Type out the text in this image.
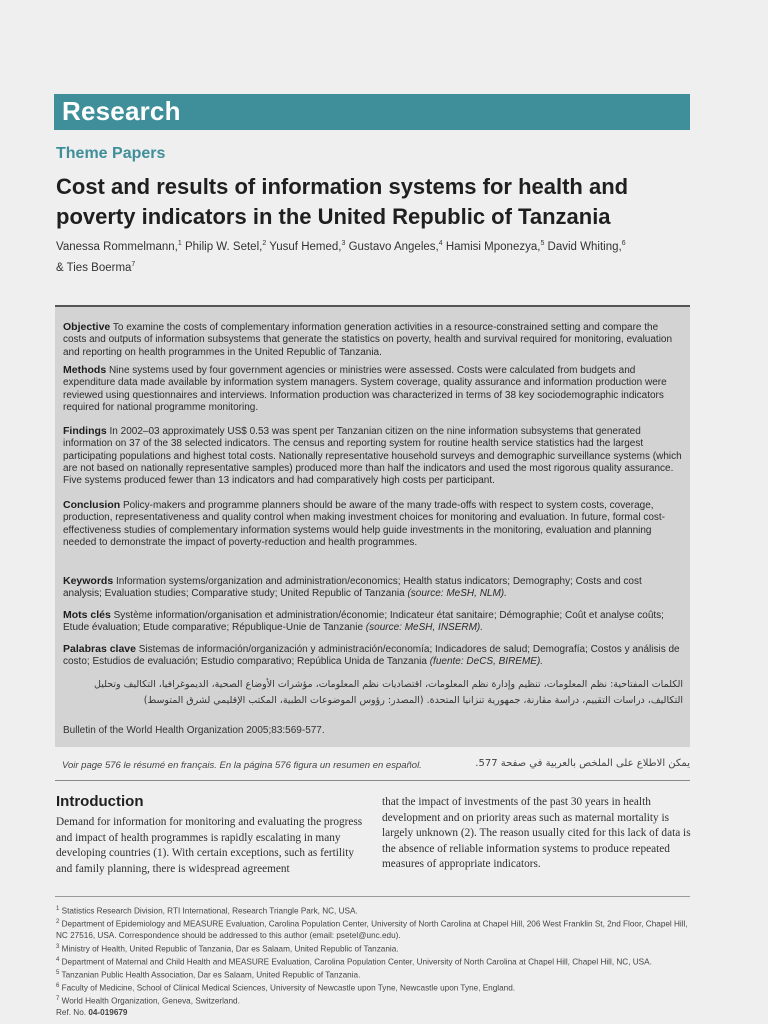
Research
Theme Papers
Cost and results of information systems for health and poverty indicators in the United Republic of Tanzania
Vanessa Rommelmann,$^1$ Philip W. Setel,$^2$ Yusuf Hemed,$^3$ Gustavo Angeles,$^4$ Hamisi Mponezya,$^5$ David Whiting,$^6$
& Ties Boerma$^7$
Objective To examine the costs of complementary information generation activities in a resource-constrained setting and compare the costs and outputs of information subsystems that generate the statistics on poverty, health and survival required for monitoring, evaluation and reporting on health programmes in the United Republic of Tanzania.
Methods Nine systems used by four government agencies or ministries were assessed. Costs were calculated from budgets and expenditure data made available by information system managers. System coverage, quality assurance and information production were reviewed using questionnaires and interviews. Information production was characterized in terms of 38 key sociodemographic indicators required for national programme monitoring.
Findings In 2002–03 approximately US$ 0.53 was spent per Tanzanian citizen on the nine information subsystems that generated information on 37 of the 38 selected indicators. The census and reporting system for routine health service statistics had the largest participating populations and highest total costs. Nationally representative household surveys and demographic surveillance systems (which are not based on nationally representative samples) produced more than half the indicators and used the most rigorous quality assurance. Five systems produced fewer than 13 indicators and had comparatively high costs per participant.
Conclusion Policy-makers and programme planners should be aware of the many trade-offs with respect to system costs, coverage, production, representativeness and quality control when making investment choices for monitoring and evaluation. In future, formal cost-effectiveness studies of complementary information systems would help guide investments in the monitoring, evaluation and planning needed to demonstrate the impact of poverty-reduction and health programmes.
Keywords Information systems/organization and administration/economics; Health status indicators; Demography; Costs and cost analysis; Evaluation studies; Comparative study; United Republic of Tanzania (source: MeSH, NLM).
Mots clés Système information/organisation et administration/économie; Indicateur état sanitaire; Démographie; Coût et analyse coûts; Etude évaluation; Etude comparative; République-Unie de Tanzanie (source: MeSH, INSERM).
Palabras clave Sistemas de información/organización y administración/economía; Indicadores de salud; Demografía; Costos y análisis de costo; Estudios de evaluación; Estudio comparativo; República Unida de Tanzania (fuente: DeCS, BIREME).
الكلمات المفتاحية: نظم المعلومات، تنظيم وإدارة نظم المعلومات، اقتصاديات نظم المعلومات، مؤشرات الأوضاع الصحية، الديموغرافيا، التكاليف وتحليل
التكاليف، دراسات التقييم، دراسة مقارنة، جمهورية تنزانيا المتحدة. (المصدر: رؤوس الموضوعات الطبية، المكتب الإقليمي لشرق المتوسط)
Bulletin of the World Health Organization 2005;83:569-577.
Voir page 576 le résumé en français. En la página 576 figura un resumen en español.	يمكن الاطلاع على الملخص بالعربية في صفحة 577.
Introduction
Demand for information for monitoring and evaluating the progress and impact of health programmes is rapidly escalating in many developing countries (1). With certain exceptions, such as fertility and family planning, there is widespread agreement
that the impact of investments of the past 30 years in health development and on priority areas such as maternal mortality is largely unknown (2). The reason usually cited for this lack of data is the absence of reliable information systems to produce repeated measures of appropriate indicators.
$^1$ Statistics Research Division, RTI International, Research Triangle Park, NC, USA.
$^2$ Department of Epidemiology and MEASURE Evaluation, Carolina Population Center, University of North Carolina at Chapel Hill, 206 West Franklin St, 2nd Floor, Chapel Hill, NC 27516, USA. Correspondence should be addressed to this author (email: psetel@unc.edu).
$^3$ Ministry of Health, United Republic of Tanzania, Dar es Salaam, United Republic of Tanzania.
$^4$ Department of Maternal and Child Health and MEASURE Evaluation, Carolina Population Center, University of North Carolina at Chapel Hill, Chapel Hill, NC, USA.
$^5$ Tanzanian Public Health Association, Dar es Salaam, United Republic of Tanzania.
$^6$ Faculty of Medicine, School of Clinical Medical Sciences, University of Newcastle upon Tyne, Newcastle upon Tyne, England.
$^7$ World Health Organization, Geneva, Switzerland.
Ref. No. 04-019679
